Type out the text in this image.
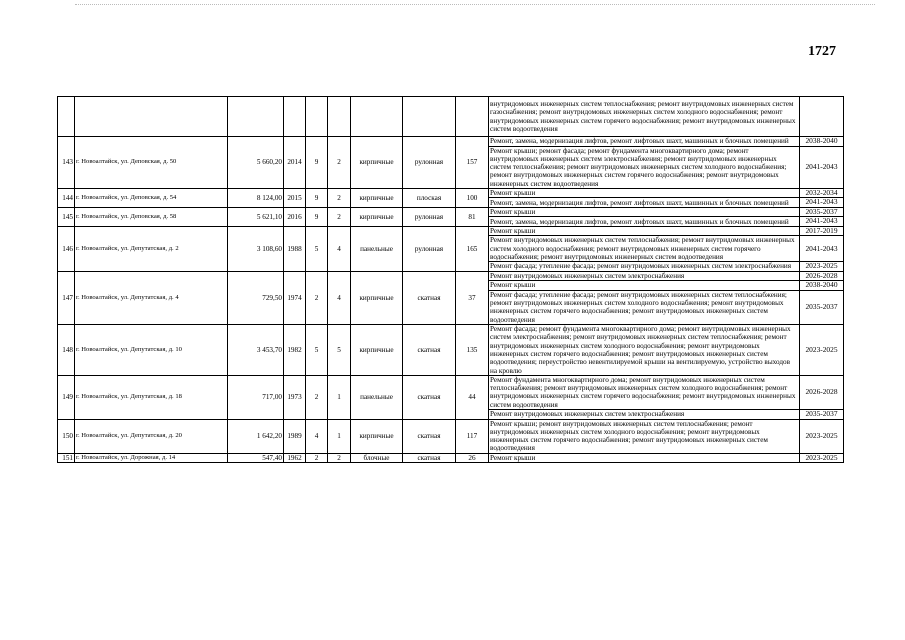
1727
									внутридомовых инженерных систем теплоснабжения; ремонт внутридомовых инженерных систем газоснабжения; ремонт внутридомовых инженерных систем холодного водоснабжения; ремонт внутридомовых инженерных систем горячего водоснабжения; ремонт внутридомовых инженерных систем водоотведения	
143	г. Новоалтайск, ул. Деповская, д. 50	5 660,20	2014	9	2	кирпичные	рулонная	157	Ремонт, замена, модернизация лифтов, ремонт лифтовых шахт, машинных и блочных помещений	2038-2040
									Ремонт крыши; ремонт фасада; ремонт фундамента многоквартирного дома; ремонт внутридомовых инженерных систем электроснабжения; ремонт внутридомовых инженерных систем теплоснабжения; ремонт внутридомовых инженерных систем холодного водоснабжения; ремонт внутридомовых инженерных систем горячего водоснабжения; ремонт внутридомовых инженерных систем водоотведения	2041-2043
144	г. Новоалтайск, ул. Деповская, д. 54	8 124,00	2015	9	2	кирпичные	плоская	100	Ремонт крыши	2032-2034
									Ремонт, замена, модернизация лифтов, ремонт лифтовых шахт, машинных и блочных помещений	2041-2043
145	г. Новоалтайск, ул. Деповская, д. 58	5 621,10	2016	9	2	кирпичные	рулонная	81	Ремонт крыши	2035-2037
									Ремонт, замена, модернизация лифтов, ремонт лифтовых шахт, машинных и блочных помещений	2041-2043
146	г. Новоалтайск, ул. Депутатская, д. 2	3 108,60	1988	5	4	панельные	рулонная	165	Ремонт крыши	2017-2019
									Ремонт внутридомовых инженерных систем теплоснабжения; ремонт внутридомовых инженерных систем холодного водоснабжения; ремонт внутридомовых инженерных систем горячего водоснабжения; ремонт внутридомовых инженерных систем водоотведения	2041-2043
									Ремонт фасада; утепление фасада; ремонт внутридомовых инженерных систем электроснабжения	2023-2025
147	г. Новоалтайск, ул. Депутатская, д. 4	729,50	1974	2	4	кирпичные	скатная	37	Ремонт внутридомовых инженерных систем электроснабжения	2026-2028
									Ремонт крыши	2038-2040
									Ремонт фасада; утепление фасада; ремонт внутридомовых инженерных систем теплоснабжения; ремонт внутридомовых инженерных систем холодного водоснабжения; ремонт внутридомовых инженерных систем горячего водоснабжения; ремонт внутридомовых инженерных систем водоотведения	2035-2037
148	г. Новоалтайск, ул. Депутатская, д. 10	3 453,70	1982	5	5	кирпичные	скатная	135	Ремонт фасада; ремонт фундамента многоквартирного дома; ремонт внутридомовых инженерных систем электроснабжения; ремонт внутридомовых инженерных систем теплоснабжения; ремонт внутридомовых инженерных систем холодного водоснабжения; ремонт внутридомовых инженерных систем горячего водоснабжения; ремонт внутридомовых инженерных систем водоотведения; переустройство невентилируемой крыши на вентилируемую, устройство выходов на кровлю	2023-2025
149	г. Новоалтайск, ул. Депутатская, д. 18	717,00	1973	2	1	панельные	скатная	44	Ремонт фундамента многоквартирного дома; ремонт внутридомовых инженерных систем теплоснабжения; ремонт внутридомовых инженерных систем холодного водоснабжения; ремонт внутридомовых инженерных систем горячего водоснабжения; ремонт внутридомовых инженерных систем водоотведения	2026-2028
									Ремонт внутридомовых инженерных систем электроснабжения	2035-2037
150	г. Новоалтайск, ул. Депутатская, д. 20	1 642,20	1989	4	1	кирпичные	скатная	117	Ремонт крыши; ремонт внутридомовых инженерных систем теплоснабжения; ремонт внутридомовых инженерных систем холодного водоснабжения; ремонт внутридомовых инженерных систем горячего водоснабжения; ремонт внутридомовых инженерных систем водоотведения	2023-2025
151	г. Новоалтайск, ул. Дорожная, д. 14	547,40	1962	2	2	блочные	скатная	26	Ремонт крыши	2023-2025
